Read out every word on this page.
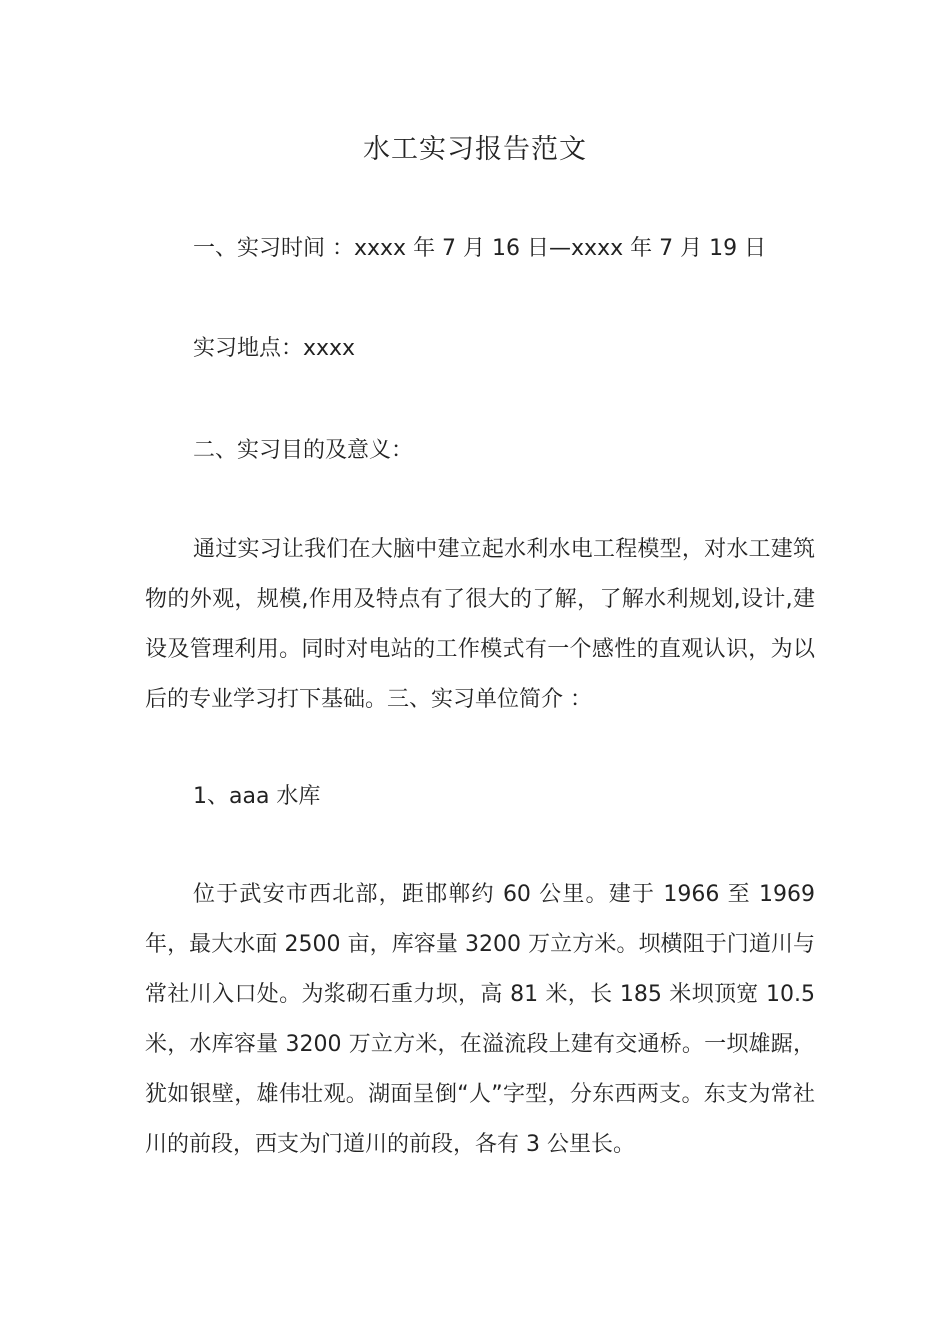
水工实习报告范文
一、实习时间 ：xxxx 年 7 月 16 日—xxxx 年 7 月 19 日
实习地点：xxxx
二、实习目的及意义：

通过实习让我们在大脑中建立起水利水电工程模型，对水工建筑物的外观，规模,作用及特点有了很大的了解，了解水利规划,设计,建设及管理利用。同时对电站的工作模式有一个感性的直观认识，为以后的专业学习打下基础。三、实习单位简介 ：

1、aaa 水库

位于武安市西北部，距邯郸约 60 公里。建于 1966 至 1969 年，最大水面 2500 亩，库容量 3200 万立方米。坝横阻于门道川与常社川入口处。为浆砌石重力坝，高 81 米，长 185 米坝顶宽 10.5 米，水库容量 3200 万立方米，在溢流段上建有交通桥。一坝雄踞，犹如银壁，雄伟壮观。湖面呈倒“人”字型，分东西两支。东支为常社川的前段，西支为门道川的前段，各有 3 公里长。
